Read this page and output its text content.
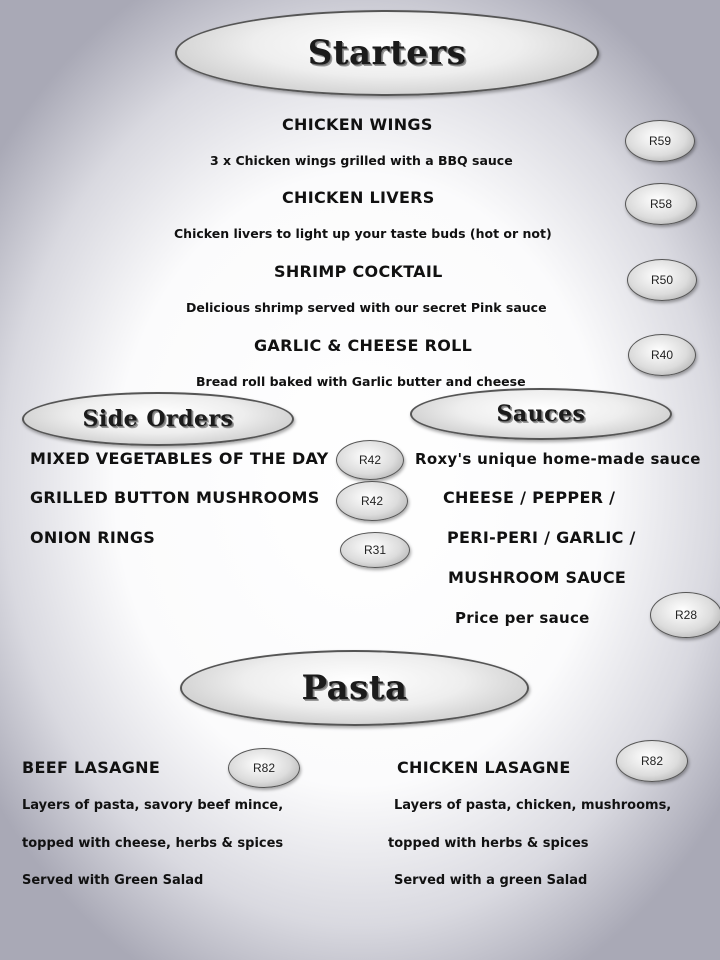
Starters
CHICKEN WINGS
3 x Chicken wings grilled with a BBQ sauce
R59
CHICKEN LIVERS
Chicken livers to light up your taste buds (hot or not)
R58
SHRIMP COCKTAIL
Delicious shrimp served with our secret Pink sauce
R50
GARLIC & CHEESE ROLL
Bread roll baked with Garlic butter and cheese
R40
Side Orders
MIXED VEGETABLES OF THE DAY	R42
GRILLED BUTTON MUSHROOMS	R42
ONION RINGS
R31
Sauces
Roxy's unique home-made sauce
CHEESE / PEPPER /
PERI-PERI / GARLIC /
MUSHROOM SAUCE
Price per sauce	R28
Pasta
BEEF LASAGNE	R82
Layers of pasta, savory beef mince,
topped with cheese, herbs & spices
Served with Green Salad
CHICKEN LASAGNE	R82
Layers of pasta, chicken, mushrooms,
topped with herbs & spices
Served with a green Salad
